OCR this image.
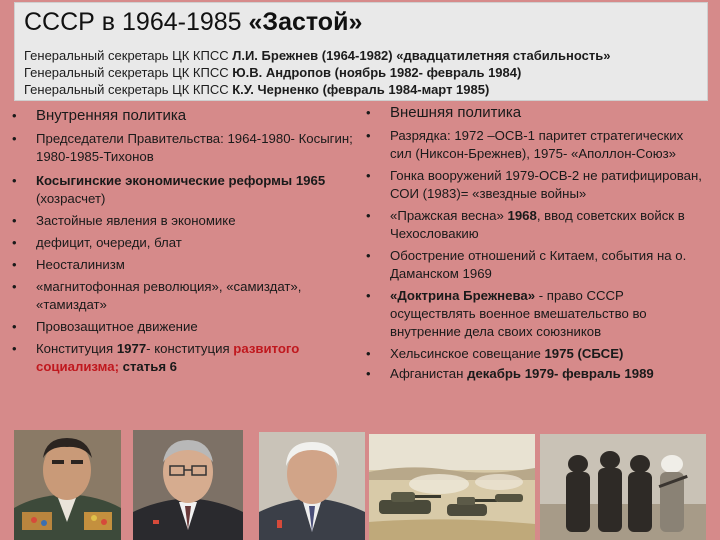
СССР в 1964-1985 «Застой»
Генеральный секретарь ЦК КПСС Л.И. Брежнев (1964-1982) «двадцатилетняя стабильность»
Генеральный секретарь ЦК КПСС Ю.В. Андропов (ноябрь 1982- февраль 1984)
Генеральный секретарь ЦК КПСС К.У. Черненко (февраль 1984-март 1985)
• Внутренняя политика
• Председатели Правительства: 1964-1980- Косыгин; 1980-1985-Тихонов
• Косыгинские экономические реформы 1965 (хозрасчет)
• Застойные явления в экономике
• дефицит, очереди, блат
• Неосталинизм
• «магнитофонная революция», «самиздат», «тамиздат»
• Провозащитное движение
• Конституция 1977- конституция развитого социализма; статья 6
• Внешняя политика
• Разрядка: 1972 –ОСВ-1 паритет стратегических сил (Никсон-Брежнев), 1975- «Аполлон-Союз»
• Гонка вооружений 1979-ОСВ-2 не ратифицирован, СОИ (1983)= «звездные войны»
• «Пражская весна» 1968, ввод советских войск в Чехословакию
• Обострение отношений с Китаем, события на о. Даманском 1969
• «Доктрина Брежнева» - право СССР осуществлять военное вмешательство во внутренние дела своих союзников
• Хельсинское совещание 1975 (СБСЕ)
• Афганистан декабрь 1979- февраль 1989
